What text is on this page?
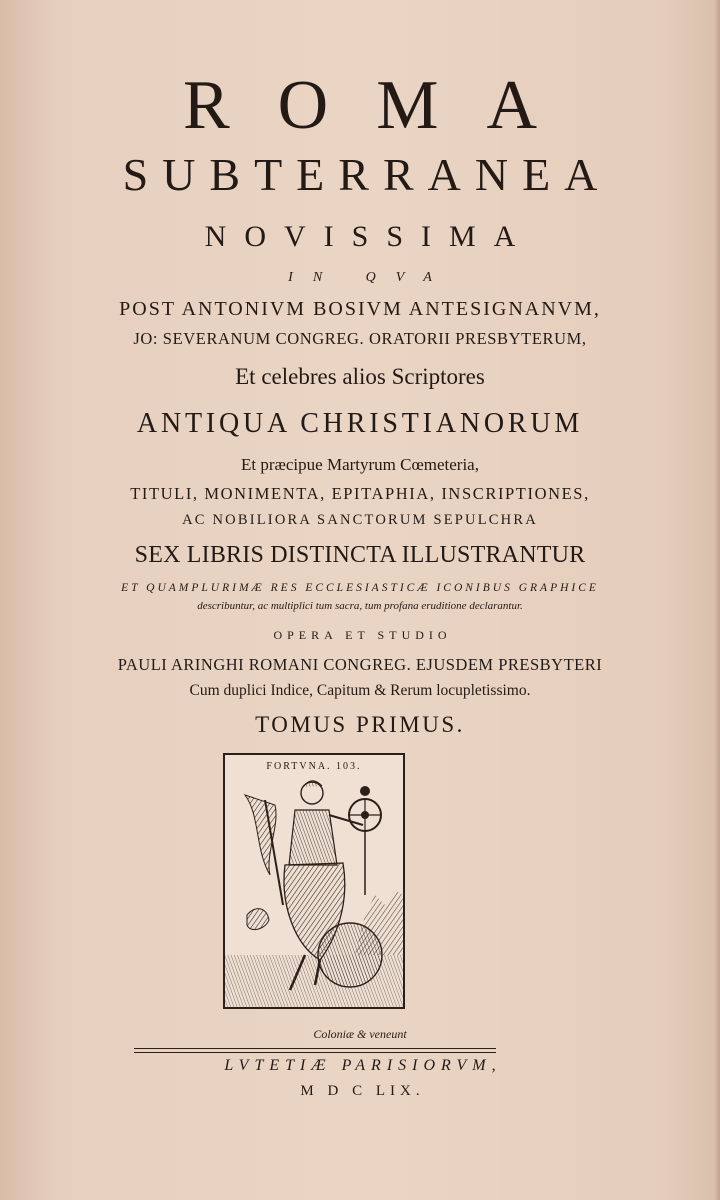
ROMA
SUBTERRANEA
NOVISSIMA
IN QVA
POST ANTONIVM BOSIVM ANTESIGNANVM,
JO: SEVERANUM CONGREG. ORATORII PRESBYTERUM,
Et celebres alios Scriptores
ANTIQUA CHRISTIANORUM
Et præcipue Martyrum Cœmeteria,
TITULI, MONIMENTA, EPITAPHIA, INSCRIPTIONES,
AC NOBILIORA SANCTORUM SEPULCHRA
SEX LIBRIS DISTINCTA ILLUSTRANTUR
ET QUAMPLURIMÆ RES ECCLESIASTICÆ ICONIBUS GRAPHICE
describuntur, ac multiplici tum sacra, tum profana eruditione declarantur.
OPERA ET STUDIO
PAULI ARINGHI ROMANI CONGREG. EJUSDEM PRESBYTERI
Cum duplici Indice, Capitum & Rerum locupletissimo.
TOMUS PRIMUS.
FORTVNA. 103.
Coloniæ & veneunt
LVTETIÆ PARISIORVM,
M D C LIX.
